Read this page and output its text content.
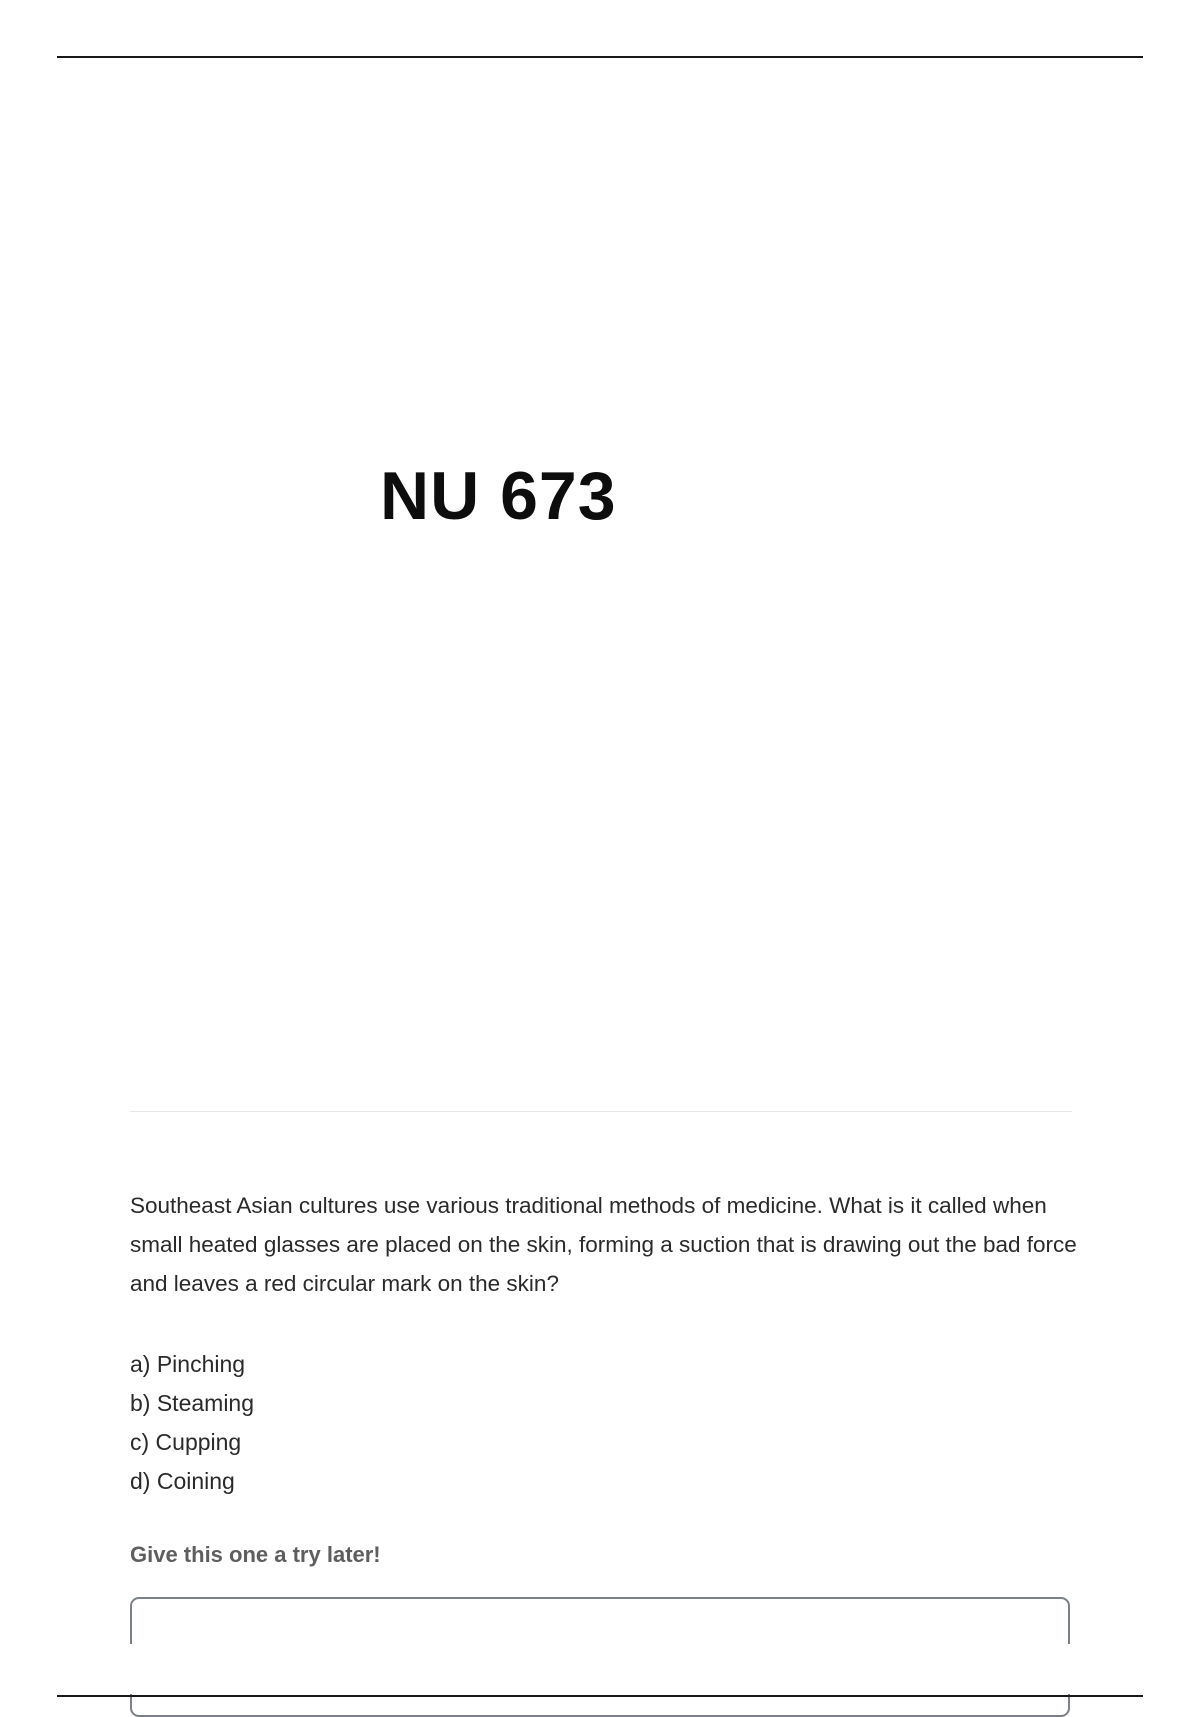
NU 673

Southeast Asian cultures use various traditional methods of medicine. What is it called when small heated glasses are placed on the skin, forming a suction that is drawing out the bad force and leaves a red circular mark on the skin?

a) Pinching
b) Steaming
c) Cupping
d) Coining

Give this one a try later!
